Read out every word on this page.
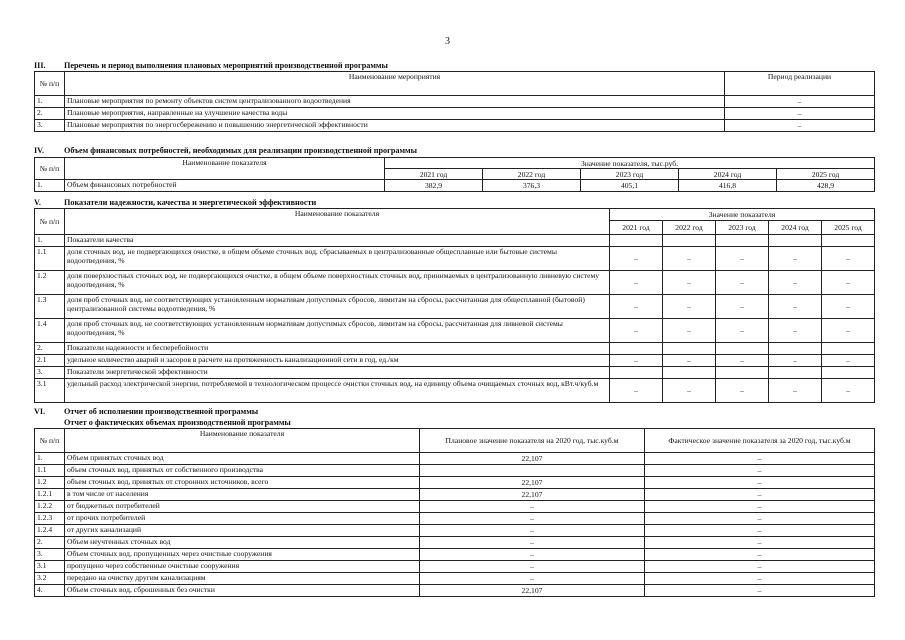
3
III. Перечень и период выполнения плановых мероприятий производственной программы
№ п/п	Наименование мероприятия	Период реализации
1.	Плановые мероприятия по ремонту объектов систем централизованного водоотведения	–
2.	Плановые мероприятия, направленные на улучшение качества воды	–
3.	Плановые мероприятия по энергосбережению и повышению энергетической эффективности	–
IV. Объем финансовых потребностей, необходимых для реализации производственной программы
№ п/п	Наименование показателя	Значение показателя, тыс.руб.				
		2021 год	2022 год	2023 год	2024 год	2025 год
1.	Объем финансовых потребностей	382,9	376,3	405,1	416,8	428,9
V.	Показатели надежности, качества и энергетической эффективности
№ п/п	Наименование показателя	Значение показателя				
		2021 год	2022 год	2023 год	2024 год	2025 год
1.	Показатели качества					
1.1	доля сточных вод, не подвергающихся очистке, в общем объеме сточных вод, сбрасываемых в централизованные общесплавные или бытовые системы водоотведения, %	–	–	–	–	–
1.2	доля поверхностных сточных вод, не подвергающихся очистке, в общем объеме поверхностных сточных вод, принимаемых в централизованную ливневую систему водоотведения, %	–	–	–	–	–
1.3	доля проб сточных вод, не соответствующих установленным нормативам допустимых сбросов, лимитам на сбросы, рассчитанная для общесплавной (бытовой) централизованной системы водоотведения, %	–	–	–	–	–
1.4	доля проб сточных вод, не соответствующих установленным нормативам допустимых сбросов, лимитам на сбросы, рассчитанная для ливневой системы водоотведения, %	–	–	–	–	–
2.	Показатели надежности и бесперебойности					
2.1	удельное количество аварий и засоров в расчете на протяженность канализационной сети в год, ед./км	–	–	–	–	–
3.	Показатели энергетической эффективности					
3.1	удельный расход электрической энергии, потребляемой в технологическом процессе очистки сточных вод, на единицу объема очищаемых сточных вод, кВт.ч/куб.м	–	–	–	–	–
VI. Отчет об исполнении производственной программы
Отчет о фактических объемах производственной программы
№ п/п	Наименование показателя	Плановое значение показателя на 2020 год, тыс.куб.м	Фактическое значение показателя за 2020 год, тыс.куб.м
1.	Объем принятых сточных вод	22,107	–
1.1	объем сточных вод, принятых от собственного производства		–
1.2	объем сточных вод, принятых от сторонних источников, всего	22,107	–
1.2.1	в том числе от населения	22,107	–
1.2.2	от бюджетных потребителей	–	–
1.2.3	от прочих потребителей	–	–
1.2.4	от других канализаций	–	–
2.	Объем неучтенных сточных вод	–	–
3.	Объем сточных вод, пропущенных через очистные сооружения	–	–
3.1	пропущено через собственные очистные сооружения	–	–
3.2	передано на очистку другим канализациям	–	–
4.	Объем сточных вод, сброшенных без очистки	22,107	–
